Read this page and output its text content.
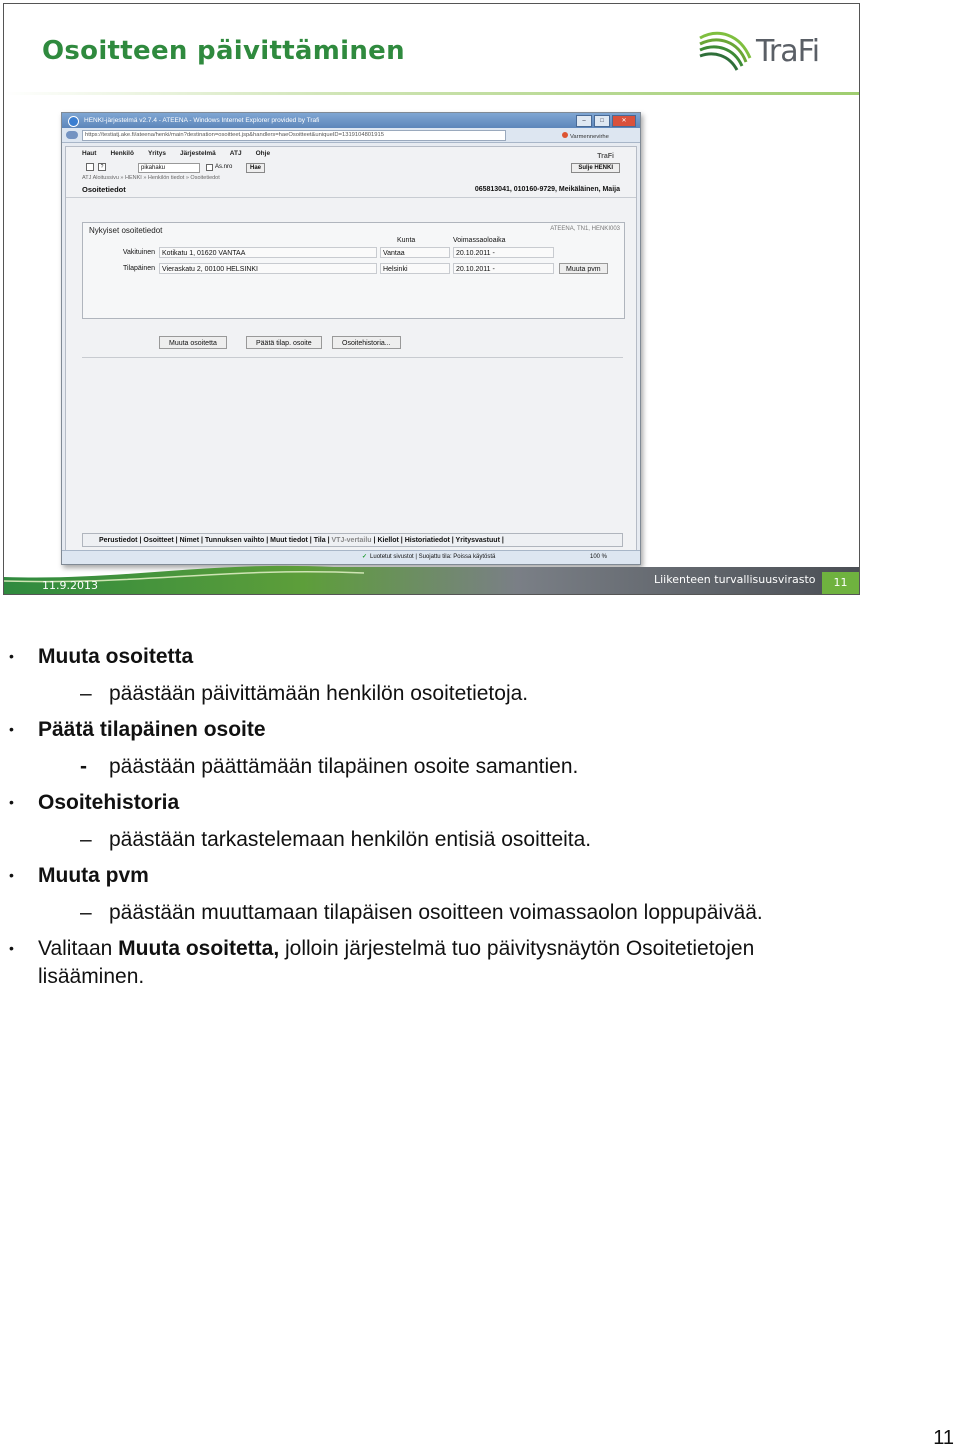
Osoitteen päivittäminen	TraFi
HENKI-järjestelmä v2.7.4 - ATEENA - Windows Internet Explorer provided by Trafi	–	□	✕
https://testiatj.ake.fi/ateena/henki/main?destination=osoitteet.jsp&handlers=haeOsoitteet&uniqueID=1319104801915	Varmennevirhe
Haut Henkilö Yritys Järjestelmä ATJ Ohje	TraFi
?	pikahaku	As.nro	Hae	Sulje HENKI
ATJ Aloitussivu » HENKI » Henkilön tiedot » Osoitetiedot
Osoitetiedot	065813041, 010160-9729, Meikäläinen, Maija
Nykyiset osoitetiedot	ATEENA, TN1, HENKI003
Kunta	Voimassaoloaika
Vakituinen	Kotikatu 1, 01620 VANTAA	Vantaa	20.10.2011 -
Tilapäinen	Vieraskatu 2, 00100 HELSINKI	Helsinki	20.10.2011 -	Muuta pvm
Muuta osoitetta	Päätä tilap. osoite	Osoitehistoria...
Perustiedot | Osoitteet | Nimet | Tunnuksen vaihto | Muut tiedot | Tila | VTJ-vertailu | Kiellot | Historiatiedot | Yritysvastuut |
✓ Luotetut sivustot | Suojattu tila: Poissa käytöstä	100 %
11.9.2013	Liikenteen turvallisuusvirasto	11
• Muuta osoitetta
– päästään päivittämään henkilön osoitetietoja.
• Päätä tilapäinen osoite
- päästään päättämään tilapäinen osoite samantien.
• Osoitehistoria
– päästään tarkastelemaan henkilön entisiä osoitteita.
• Muuta pvm
– päästään muuttamaan tilapäisen osoitteen voimassaolon loppupäivää.
• Valitaan Muuta osoitetta, jolloin järjestelmä tuo päivitysnäytön Osoitetietojen
lisääminen.
11
